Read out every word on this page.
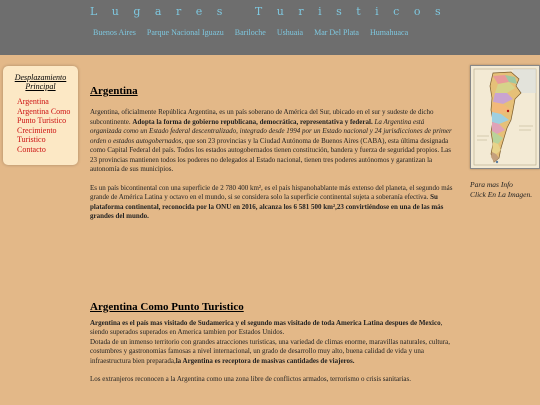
Lugares Turisticos
Buenos Aires Parque Nacional Iguazu Bariloche Ushuaia Mar Del Plata Humahuaca
Desplazamiento
Principal
Argentina
Argentina Como
Punto Turistico
Crecimiento
Turistico
Contacto
Argentina

Argentina, oficialmente República Argentina, es un país soberano de América del Sur, ubicado en el sur y sudeste de dicho subcontinente. Adopta la forma de gobierno republicana, democrática, representativa y federal. La Argentina está organizada como un Estado federal descentralizado, integrado desde 1994 por un Estado nacional y 24 jurisdicciones de primer orden o estados autogobernados, que son 23 provincias y la Ciudad Autónoma de Buenos Aires (CABA), esta última designada como Capital Federal del país. Todos los estados autogobernados tienen constitución, bandera y fuerza de seguridad propios. Las 23 provincias mantienen todos los poderes no delegados al Estado nacional, tienen tres poderes autónomos y garantizan la autonomía de sus municipios.

Es un país bicontinental con una superficie de 2 780 400 km², es el país hispanohablante más extenso del planeta, el segundo más grande de América Latina y octavo en el mundo, si se considera solo la superficie continental sujeta a soberanía efectiva. Su plataforma continental, reconocida por la ONU en 2016, alcanza los 6 581 500 km²,23 convirtiéndose en una de las más grandes del mundo.

Argentina Como Punto Turistico

Argentina es el país mas visitado de Sudamerica y el segundo mas visitado de toda America Latina despues de Mexico, siendo superados superados en America tambien por Estados Unidos.
Dotada de un inmenso territorio con grandes atracciones turisticas, una variedad de climas enorme, maravillas naturales, cultura, costumbres y gastronomias famosas a nivel internacional, un grado de desarrollo muy alto, buena calidad de vida y una infraestructura bien preparada,la Argentina es receptora de masivas cantidades de viajeros.

Los extranjeros reconocen a la Argentina como una zona libre de conflictos armados, terrorismo o crisis sanitarias.

Para mas Info
Click En La Imagen.
